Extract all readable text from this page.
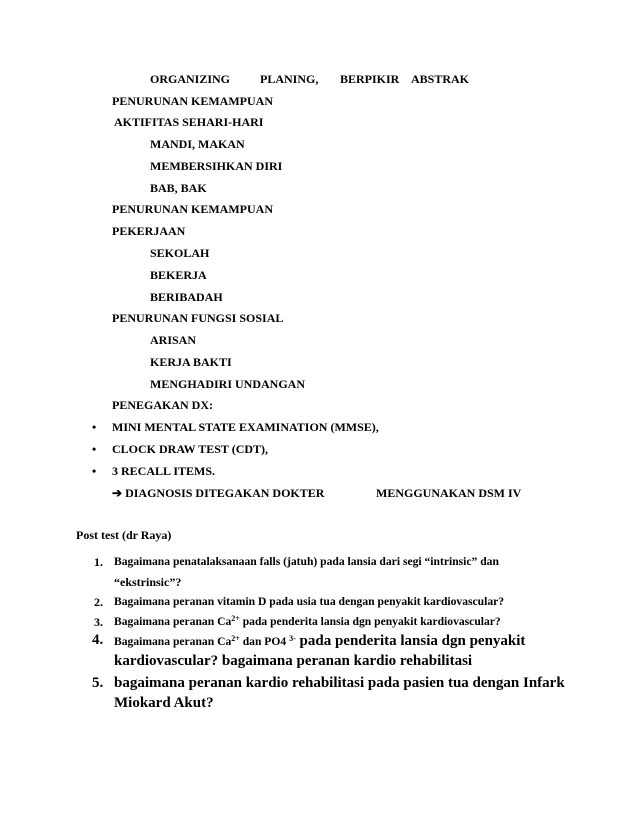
ORGANIZING PLANING, BERPIKIR ABSTRAK
PENURUNAN KEMAMPUAN
AKTIFITAS SEHARI-HARI
MANDI, MAKAN
MEMBERSIHKAN DIRI
BAB, BAK
PENURUNAN KEMAMPUAN
PEKERJAAN
SEKOLAH
BEKERJA
BERIBADAH
PENURUNAN FUNGSI SOSIAL
ARISAN
KERJA BAKTI
MENGHADIRI UNDANGAN
PENEGAKAN DX:
• MINI MENTAL STATE EXAMINATION (MMSE),
• CLOCK DRAW TEST (CDT),
• 3 RECALL ITEMS.
➔ DIAGNOSIS DITEGAKAN DOKTER	MENGGUNAKAN DSM IV
Post test (dr Raya)
1. Bagaimana penatalaksanaan falls (jatuh) pada lansia dari segi “intrinsic” dan
“ekstrinsic”?
2. Bagaimana peranan vitamin D pada usia tua dengan penyakit kardiovascular?
3. Bagaimana peranan $Ca^{2+}$ pada penderita lansia dgn penyakit kardiovascular?
4. Bagaimana peranan $Ca^{2+}$ dan PO4 $^{3-}$ pada penderita lansia dgn penyakit
kardiovascular? bagaimana peranan kardio rehabilitasi
5. bagaimana peranan kardio rehabilitasi pada pasien tua dengan Infark
Miokard Akut?
